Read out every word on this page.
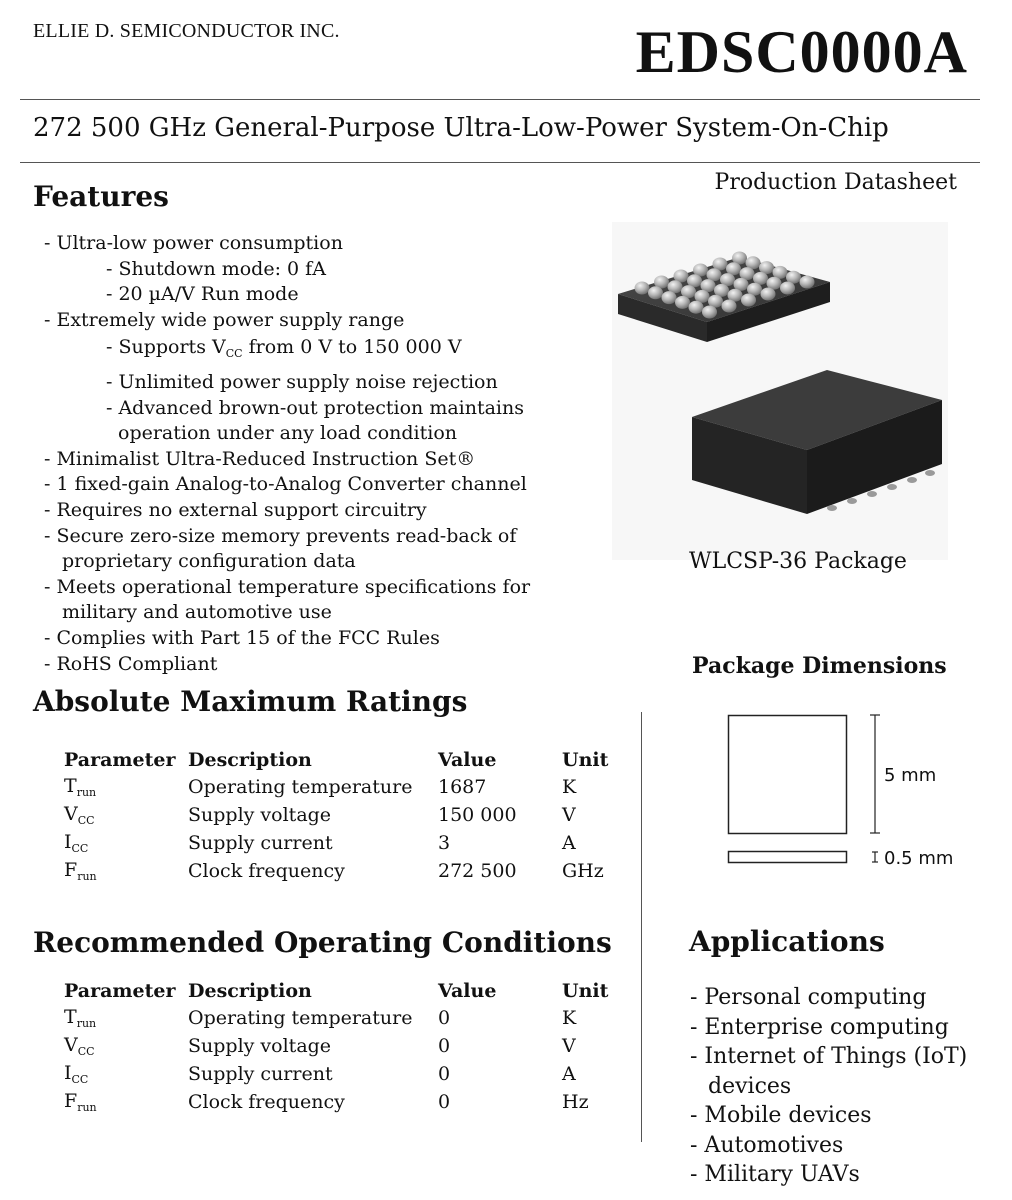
ELLIE D. SEMICONDUCTOR INC.	EDSC0000A
272 500 GHz General-Purpose Ultra-Low-Power System-On-Chip
Production Datasheet
Features
- Ultra-low power consumption
- Shutdown mode: 0 fA
- 20 µA/V Run mode
- Extremely wide power supply range
- Supports $V_{CC}$ from 0 V to 150 000 V
- Unlimited power supply noise rejection
- Advanced brown-out protection maintains
operation under any load condition
- Minimalist Ultra-Reduced Instruction Set®
- 1 fixed-gain Analog-to-Analog Converter channel
- Requires no external support circuitry
- Secure zero-size memory prevents read-back of
proprietary configuration data
- Meets operational temperature specifications for
military and automotive use
- Complies with Part 15 of the FCC Rules
- RoHS Compliant
WLCSP-36 Package
Package Dimensions
5 mm
0.5 mm
Absolute Maximum Ratings
Parameter	Description	Value	Unit
$T_{run}$	Operating temperature	1687	K
$V_{CC}$	Supply voltage	150 000	V
$I_{CC}$	Supply current	3	A
$F_{run}$	Clock frequency	272 500	GHz
Recommended Operating Conditions
Parameter	Description	Value	Unit
$T_{run}$	Operating temperature	0	K
$V_{CC}$	Supply voltage	0	V
$I_{CC}$	Supply current	0	A
$F_{run}$	Clock frequency	0	Hz
Applications
- Personal computing
- Enterprise computing
- Internet of Things (IoT)
devices
- Mobile devices
- Automotives
- Military UAVs
